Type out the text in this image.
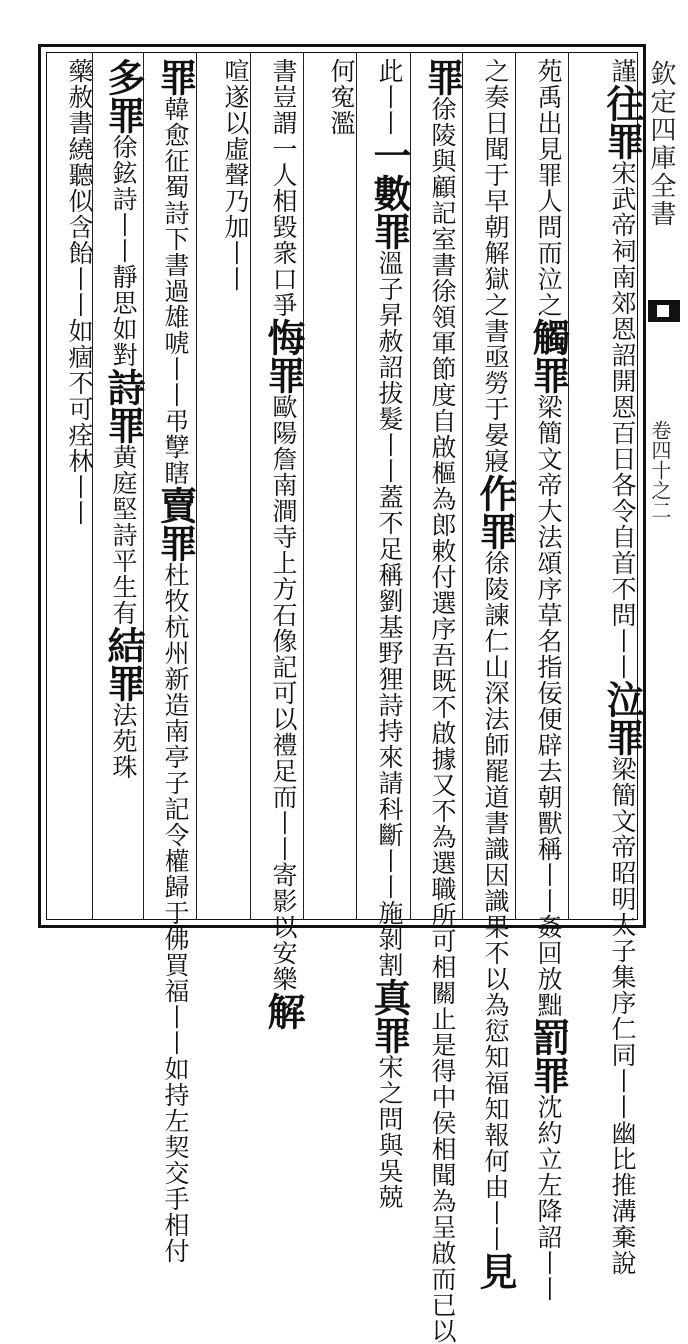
欽定四庫全書
卷四十之二
謹往罪宋武帝祠南郊恩詔開恩百日各令自首不問丨丨泣罪梁簡文帝昭明太子集序仁同丨丨幽比推溝棄說
苑禹出見罪人問而泣之觸罪梁簡文帝大法頌序草名指佞便辟去朝獸稱丨丨姦回放黜罰罪沈約立左降詔丨丨
之奏日聞于早朝解獄之書亟勞于晏寢作罪徐陵諫仁山深法師罷道書識因識果不以為愆知福知報何由丨丨見
罪徐陵與顧記室書徐領軍節度自啟樞為郎敕付選序吾既不啟據又不為選職所可相關止是得中侯相聞為呈啟而已以
此丨丨一數罪溫子昇赦詔拔髮丨丨蓋不足稱劉基野狸詩持來請科斷丨丨施剝割真罪宋之問與吳兢
何寃濫
書豈謂一人相毀衆口爭悔罪歐陽詹南澗寺上方石像記可以禮足而丨丨寄影以安樂解
喧遂以虛聲乃加丨丨
罪韓愈征蜀詩下書過雄唬丨丨弔孼瞎賣罪杜牧杭州新造南亭子記令權歸于佛買福丨丨如持左契交手相付
多罪徐鉉詩丨丨靜思如對詩罪黄庭堅詩平生有結罪法苑珠
藥赦書繞聽似含飴丨丨如痼不可痊林丨丨
